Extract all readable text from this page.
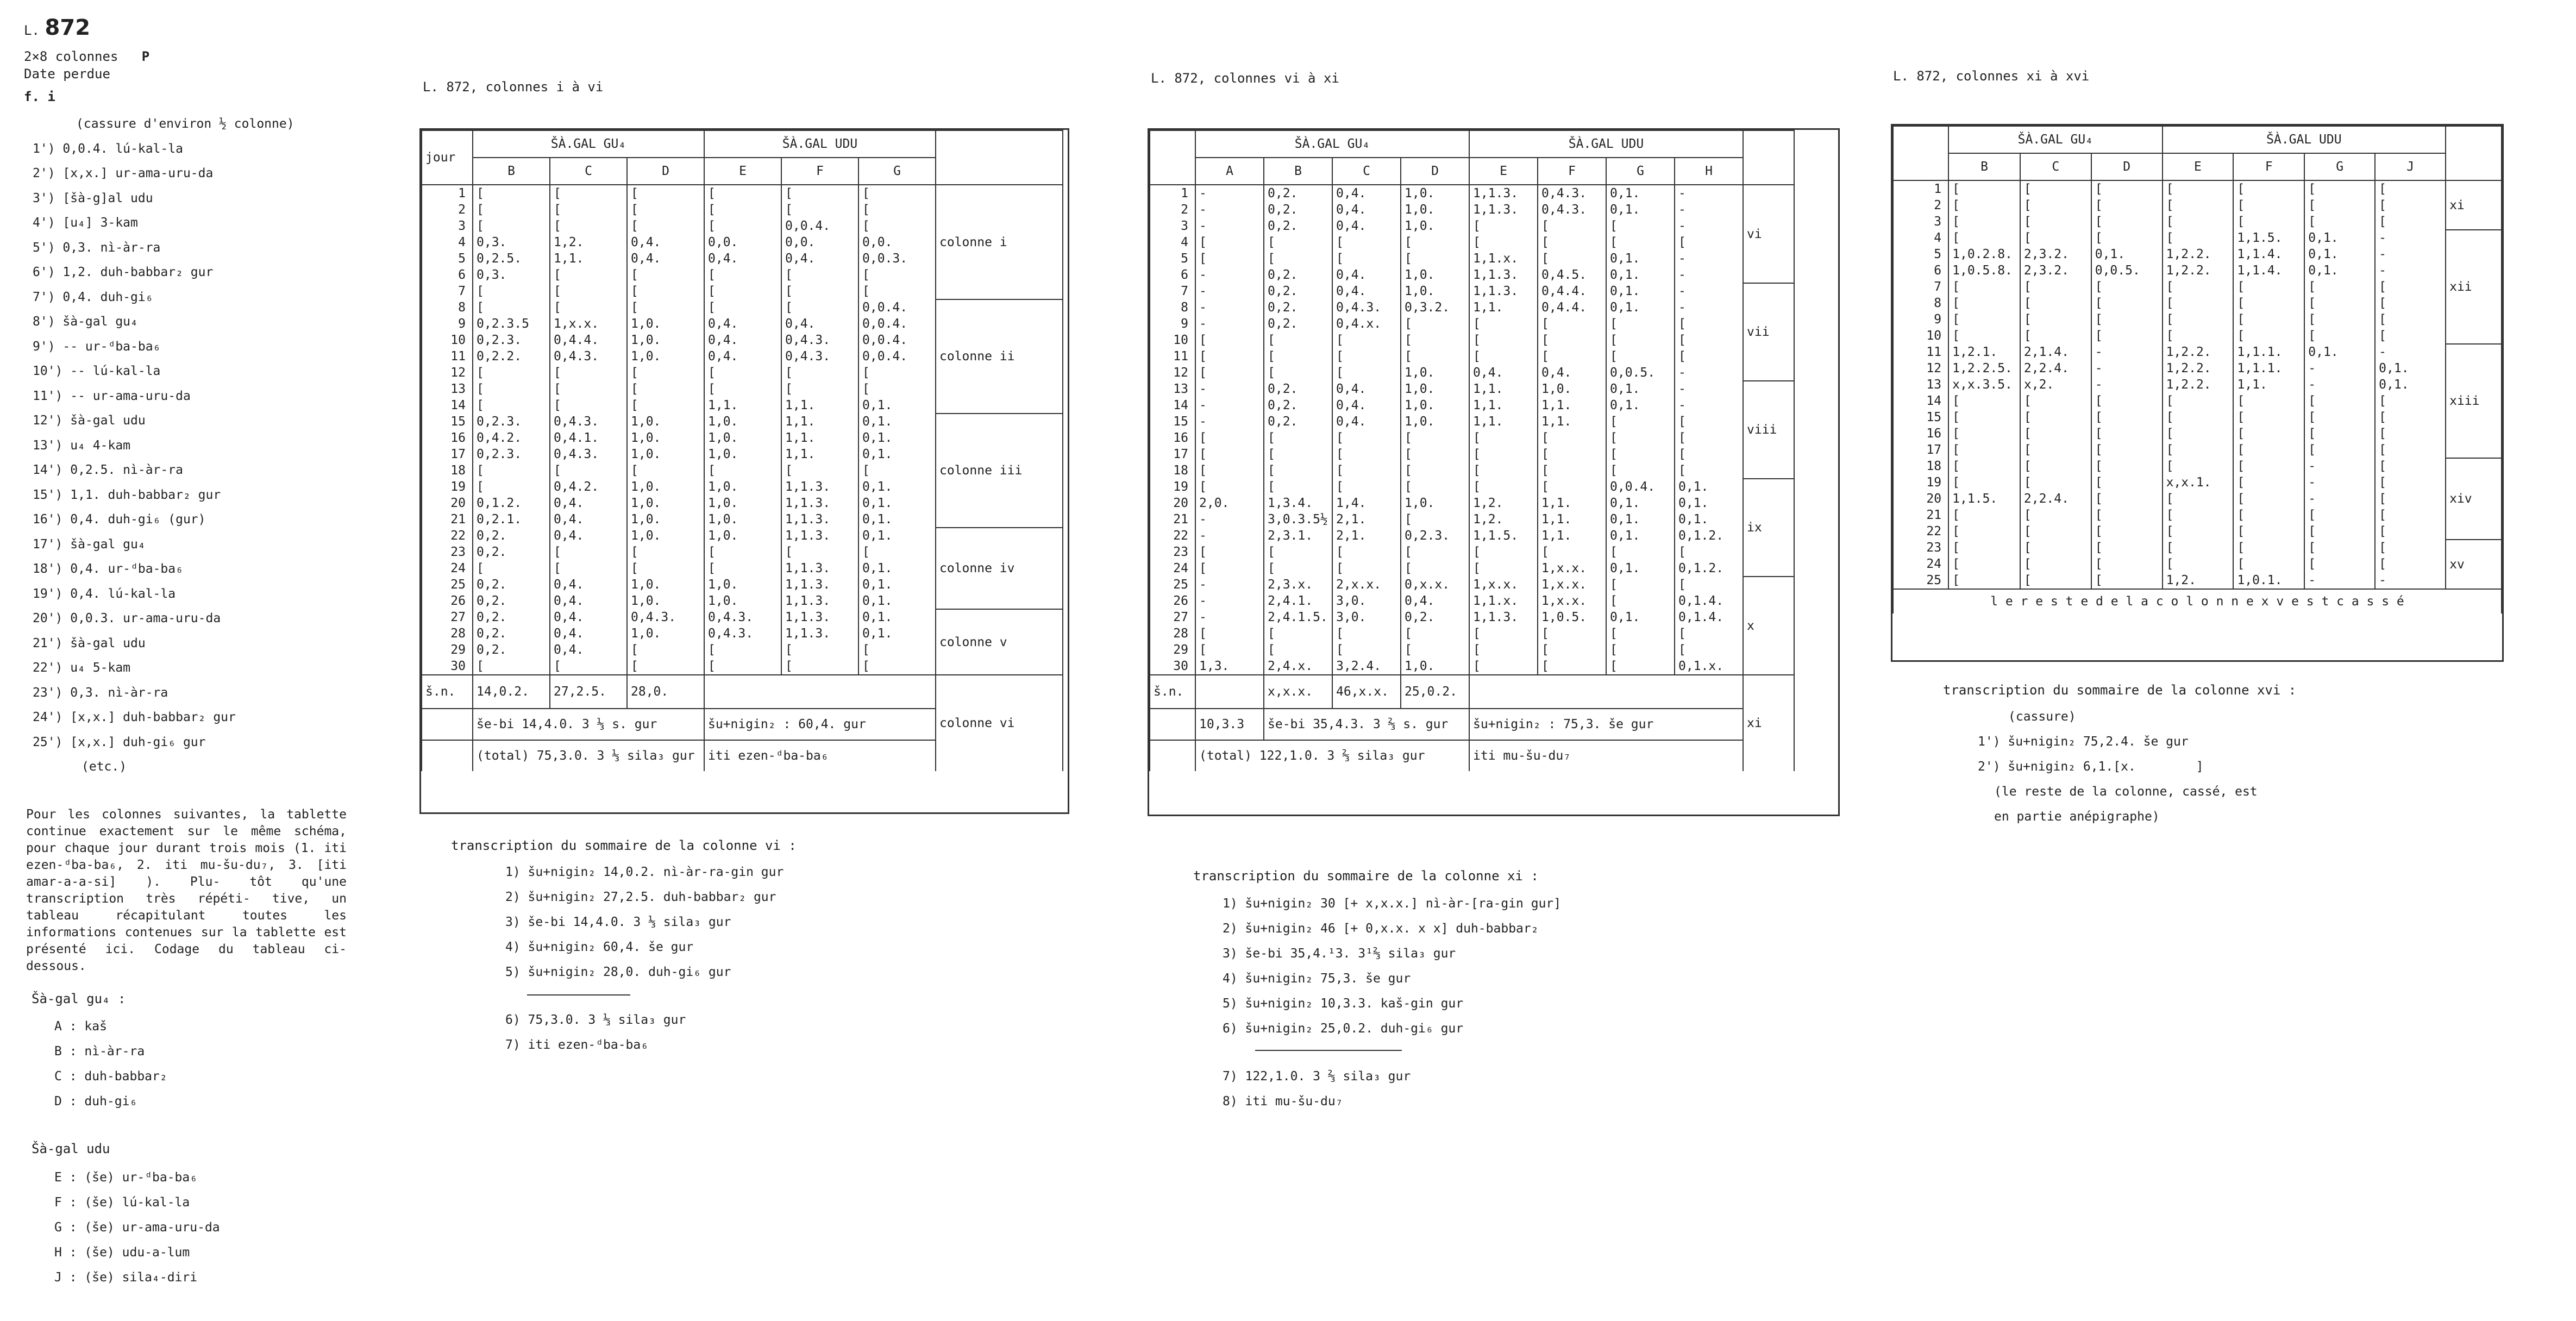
L. 872
2×8 colonnes P
Date perdue
f. i
(cassure d'environ ½ colonne)
1') 0,0.4. lú-kal-la
2') [x,x.] ur-ama-uru-da
3') [šà-g]al udu
4') [u₄] 3-kam
5') 0,3. nì-àr-ra
6') 1,2. duh-babbar₂ gur
7') 0,4. duh-gi₆
8') šà-gal gu₄
9') -- ur-ᵈba-ba₆
10') -- lú-kal-la
11') -- ur-ama-uru-da
12') šà-gal udu
13') u₄ 4-kam
14') 0,2.5. nì-àr-ra
15') 1,1. duh-babbar₂ gur
16') 0,4. duh-gi₆ (gur)
17') šà-gal gu₄
18') 0,4. ur-ᵈba-ba₆
19') 0,4. lú-kal-la
20') 0,0.3. ur-ama-uru-da
21') šà-gal udu
22') u₄ 5-kam
23') 0,3. nì-àr-ra
24') [x,x.] duh-babbar₂ gur
25') [x,x.] duh-gi₆ gur
(etc.)
Pour les colonnes suivantes, la tablette continue exactement sur le même schéma, pour chaque jour durant trois mois (1. iti ezen-ᵈba-ba₆, 2. iti mu-šu-du₇, 3. [iti amar-a-a-si] ). Plu- tôt qu'une transcription très répéti- tive, un tableau récapitulant toutes les informations contenues sur la tablette est présenté ici. Codage du tableau ci-dessous.
Šà-gal gu₄ :
A : kaš
B : nì-àr-ra
C : duh-babbar₂
D : duh-gi₆
Šà-gal udu
E : (še) ur-ᵈba-ba₆
F : (še) lú-kal-la
G : (še) ur-ama-uru-da
H : (še) udu-a-lum
J : (še) sila₄-diri
L. 872, colonnes i à vi
jour	ŠÀ.GAL GU₄			ŠÀ.GAL UDU			
	B	C	D	E	F	G	
1	[	[	[	[	[	[	colonne i
2	[	[	[	[	[	[	
3	[	[	[	[	0,0.4.	[	
4	0,3.	1,2.	0,4.	0,0.	0,0.	0,0.	
5	0,2.5.	1,1.	0,4.	0,4.	0,4.	0,0.3.	
6	0,3.	[	[	[	[	[	
7	[	[	[	[	[	[	
8	[	[	[	[	[	0,0.4.	colonne ii
9	0,2.3.5	1,x.x.	1,0.	0,4.	0,4.	0,0.4.	
10	0,2.3.	0,4.4.	1,0.	0,4.	0,4.3.	0,0.4.	
11	0,2.2.	0,4.3.	1,0.	0,4.	0,4.3.	0,0.4.	
12	[	[	[	[	[	[	
13	[	[	[	[	[	[	
14	[	[	[	1,1.	1,1.	0,1.	
15	0,2.3.	0,4.3.	1,0.	1,0.	1,1.	0,1.	colonne iii
16	0,4.2.	0,4.1.	1,0.	1,0.	1,1.	0,1.	
17	0,2.3.	0,4.3.	1,0.	1,0.	1,1.	0,1.	
18	[	[	[	[	[	[	
19	[	0,4.2.	1,0.	1,0.	1,1.3.	0,1.	
20	0,1.2.	0,4.	1,0.	1,0.	1,1.3.	0,1.	
21	0,2.1.	0,4.	1,0.	1,0.	1,1.3.	0,1.	
22	0,2.	0,4.	1,0.	1,0.	1,1.3.	0,1.	colonne iv
23	0,2.	[	[	[	[	[	
24	[	[	[	[	1,1.3.	0,1.	
25	0,2.	0,4.	1,0.	1,0.	1,1.3.	0,1.	
26	0,2.	0,4.	1,0.	1,0.	1,1.3.	0,1.	
27	0,2.	0,4.	0,4.3.	0,4.3.	1,1.3.	0,1.	colonne v
28	0,2.	0,4.	1,0.	0,4.3.	1,1.3.	0,1.	
29	0,2.	0,4.	[	[	[	[	
30	[	[	[	[	[	[	
š.n.	14,0.2.	27,2.5.	28,0.				colonne vi
	še-bi 14,4.0. 3 ⅓ s. gur			šu+nigin₂ : 60,4. gur			
	(total) 75,3.0. 3 ⅓ sila₃ gur			iti ezen-ᵈba-ba₆			
transcription du sommaire de la colonne vi :
1) šu+nigin₂ 14,0.2. nì-àr-ra-gin gur
2) šu+nigin₂ 27,2.5. duh-babbar₂ gur
3) še-bi 14,4.0. 3 ⅓ sila₃ gur
4) šu+nigin₂ 60,4. še gur
5) šu+nigin₂ 28,0. duh-gi₆ gur
6) 75,3.0. 3 ⅓ sila₃ gur
7) iti ezen-ᵈba-ba₆
L. 872, colonnes vi à xi
	ŠÀ.GAL GU₄				ŠÀ.GAL UDU				
	A	B	C	D	E	F	G	H	
1	-	0,2.	0,4.	1,0.	1,1.3.	0,4.3.	0,1.	-	vi
2	-	0,2.	0,4.	1,0.	1,1.3.	0,4.3.	0,1.	-	
3	-	0,2.	0,4.	1,0.	[	[	[	-	
4	[	[	[	[	[	[	[	[	
5	[	[	[	[	1,1.x.	[	0,1.	-	
6	-	0,2.	0,4.	1,0.	1,1.3.	0,4.5.	0,1.	-	
7	-	0,2.	0,4.	1,0.	1,1.3.	0,4.4.	0,1.	-	vii
8	-	0,2.	0,4.3.	0,3.2.	1,1.	0,4.4.	0,1.	-	
9	-	0,2.	0,4.x.	[	[	[	[	[	
10	[	[	[	[	[	[	[	[	
11	[	[	[	[	[	[	[	[	
12	[	[	[	1,0.	0,4.	0,4.	0,0.5.	-	
13	-	0,2.	0,4.	1,0.	1,1.	1,0.	0,1.	-	viii
14	-	0,2.	0,4.	1,0.	1,1.	1,1.	0,1.	-	
15	-	0,2.	0,4.	1,0.	1,1.	1,1.	[	[	
16	[	[	[	[	[	[	[	[	
17	[	[	[	[	[	[	[	[	
18	[	[	[	[	[	[	[	[	
19	[	[	[	[	[	[	0,0.4.	0,1.	ix
20	2,0.	1,3.4.	1,4.	1,0.	1,2.	1,1.	0,1.	0,1.	
21	-	3,0.3.5½	2,1.	[	1,2.	1,1.	0,1.	0,1.	
22	-	2,3.1.	2,1.	0,2.3.	1,1.5.	1,1.	0,1.	0,1.2.	
23	[	[	[	[	[	[	[	[	
24	[	[	[	[	[	1,x.x.	0,1.	0,1.2.	
25	-	2,3.x.	2,x.x.	0,x.x.	1,x.x.	1,x.x.	[	[	x
26	-	2,4.1.	3,0.	0,4.	1,1.x.	1,x.x.	[	0,1.4.	
27	-	2,4.1.5.	3,0.	0,2.	1,1.3.	1,0.5.	0,1.	0,1.4.	
28	[	[	[	[	[	[	[	[	
29	[	[	[	[	[	[	[	[	
30	1,3.	2,4.x.	3,2.4.	1,0.	[	[	[	0,1.x.	
š.n.		x,x.x.	46,x.x.	25,0.2.					xi
	10,3.3	še-bi 35,4.3. 3 ⅔ s. gur			šu+nigin₂ : 75,3. še gur				
	(total) 122,1.0. 3 ⅔ sila₃ gur				iti mu-šu-du₇				
transcription du sommaire de la colonne xi :
1) šu+nigin₂ 30 [+ x,x.x.] nì-àr-[ra-gin gur]
2) šu+nigin₂ 46 [+ 0,x.x. x x] duh-babbar₂
3) še-bi 35,4.¹3. 3¹⅔ sila₃ gur
4) šu+nigin₂ 75,3. še gur
5) šu+nigin₂ 10,3.3. kaš-gin gur
6) šu+nigin₂ 25,0.2. duh-gi₆ gur
7) 122,1.0. 3 ⅔ sila₃ gur
8) iti mu-šu-du₇
L. 872, colonnes xi à xvi
	ŠÀ.GAL GU₄			ŠÀ.GAL UDU				
	B	C	D	E	F	G	J	
1	[	[	[	[	[	[	[	xi
2	[	[	[	[	[	[	[	
3	[	[	[	[	[	[	[	
4	[	[	[	[	1,1.5.	0,1.	-	xii
5	1,0.2.8.	2,3.2.	0,1.	1,2.2.	1,1.4.	0,1.	-	
6	1,0.5.8.	2,3.2.	0,0.5.	1,2.2.	1,1.4.	0,1.	-	
7	[	[	[	[	[	[	[	
8	[	[	[	[	[	[	[	
9	[	[	[	[	[	[	[	
10	[	[	[	[	[	[	[	
11	1,2.1.	2,1.4.	-	1,2.2.	1,1.1.	0,1.	-	xiii
12	1,2.2.5.	2,2.4.	-	1,2.2.	1,1.1.	-	0,1.	
13	x,x.3.5.	x,2.	-	1,2.2.	1,1.	-	0,1.	
14	[	[	[	[	[	[	[	
15	[	[	[	[	[	[	[	
16	[	[	[	[	[	[	[	
17	[	[	[	[	[	[	[	
18	[	[	[	[	[	-	[	xiv
19	[	[	[	x,x.1.	[	-	[	
20	1,1.5.	2,2.4.	[	[	[	-	[	
21	[	[	[	[	[	[	[	
22	[	[	[	[	[	[	[	
23	[	[	[	[	[	[	[	xv
24	[	[	[	[	[	[	[	
25	[	[	[	1,2.	1,0.1.	-	-	
l e r e s t e d e l a c o l o n n e x v e s t c a s s é								
transcription du sommaire de la colonne xvi :
(cassure)
1') šu+nigin₂ 75,2.4. še gur
2') šu+nigin₂ 6,1.[x.        ]
(le reste de la colonne, cassé, est
en partie anépigraphe)
